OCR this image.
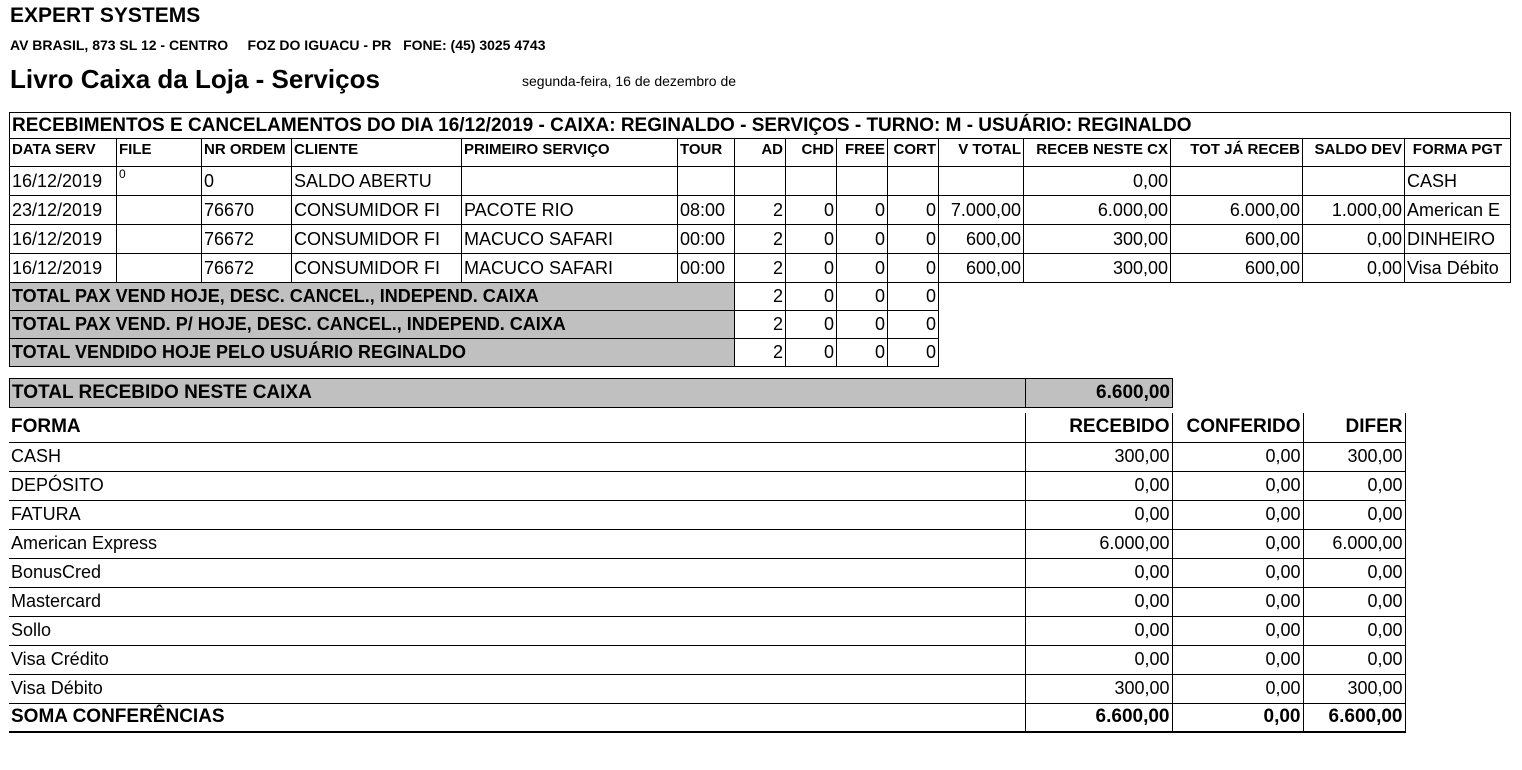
EXPERT SYSTEMS
AV BRASIL, 873 SL 12 - CENTRO     FOZ DO IGUACU - PR   FONE: (45) 3025 4743
Livro Caixa da Loja - Serviços	segunda-feira, 16 de dezembro de
RECEBIMENTOS E CANCELAMENTOS DO DIA 16/12/2019 - CAIXA: REGINALDO - SERVIÇOS - TURNO: M - USUÁRIO: REGINALDO														
DATA SERV	FILE	NR ORDEM	CLIENTE	PRIMEIRO SERVIÇO	TOUR	AD	CHD	FREE	CORT	V TOTAL	RECEB NESTE CX	TOT JÁ RECEB	SALDO DEV	FORMA PGT
16/12/2019	0	0	SALDO ABERTU								0,00			CASH
23/12/2019		76670	CONSUMIDOR FI	PACOTE RIO	08:00	2	0	0	0	7.000,00	6.000,00	6.000,00	1.000,00	American E
16/12/2019		76672	CONSUMIDOR FI	MACUCO SAFARI	00:00	2	0	0	0	600,00	300,00	600,00	0,00	DINHEIRO
16/12/2019		76672	CONSUMIDOR FI	MACUCO SAFARI	00:00	2	0	0	0	600,00	300,00	600,00	0,00	Visa Débito
TOTAL PAX VEND HOJE, DESC. CANCEL., INDEPEND. CAIXA						2	0	0	0					
TOTAL PAX VEND. P/ HOJE, DESC. CANCEL., INDEPEND. CAIXA						2	0	0	0					
TOTAL VENDIDO HOJE PELO USUÁRIO REGINALDO						2	0	0	0					
TOTAL RECEBIDO NESTE CAIXA	6.600,00
FORMA	RECEBIDO	CONFERIDO	DIFER
CASH	300,00	0,00	300,00
DEPÓSITO	0,00	0,00	0,00
FATURA	0,00	0,00	0,00
American Express	6.000,00	0,00	6.000,00
BonusCred	0,00	0,00	0,00
Mastercard	0,00	0,00	0,00
Sollo	0,00	0,00	0,00
Visa Crédito	0,00	0,00	0,00
Visa Débito	300,00	0,00	300,00
SOMA CONFERÊNCIAS	6.600,00	0,00	6.600,00
